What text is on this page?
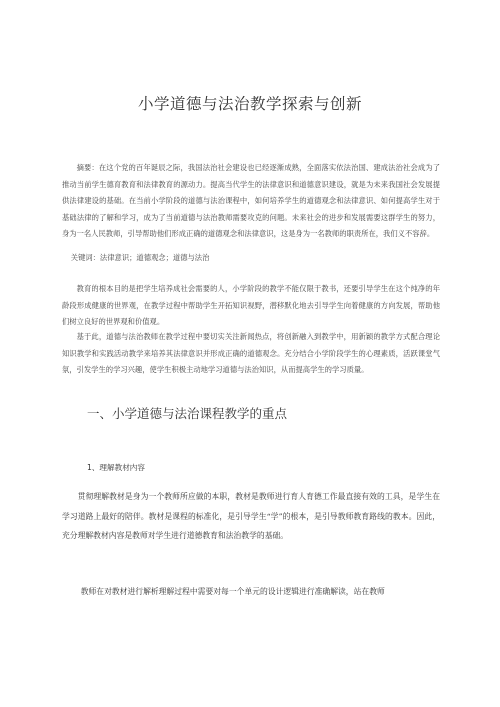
小学道德与法治教学探索与创新
摘要：在这个党的百年诞辰之际，我国法治社会建设也已经逐渐成熟，全面落实依法治国、建成法治社会成为了推动当前学生德育教育和法律教育的源动力。提高当代学生的法律意识和道德意识建设，就是为未来我国社会发展提供法律建设的基础。在当前小学阶段的道德与法治课程中，如何培养学生的道德观念和法律意识、如何提高学生对于基础法律的了解和学习，成为了当前道德与法治教师需要攻克的问题。未来社会的进步和发展需要这群学生的努力，身为一名人民教师，引导帮助他们形成正确的道德观念和法律意识，这是身为一名教师的职责所在，我们义不容辞。
关键词：法律意识；道德观念；道德与法治
教育的根本目的是把学生培养成社会需要的人，小学阶段的教学不能仅限于教书，还要引导学生在这个纯净的年龄段形成健康的世界观，在教学过程中帮助学生开拓知识视野，潜移默化地去引导学生向着健康的方向发展，帮助他们树立良好的世界观和价值观。
基于此，道德与法治教师在教学过程中要切实关注新闻热点，将创新融入到教学中，用新颖的教学方式配合理论知识教学和实践活动教学来培养其法律意识并形成正确的道德观念。充分结合小学阶段学生的心理素质，活跃课堂气氛，引发学生的学习兴趣，使学生积极主动地学习道德与法治知识，从而提高学生的学习质量。
一、小学道德与法治课程教学的重点
1、理解教材内容
贯彻理解教材是身为一个教师所应做的本职，教材是教师进行育人育德工作最直接有效的工具，是学生在学习道路上最好的陪伴。教材是课程的标准化，是引导学生“学”的根本，是引导教师教育路线的教本。因此，充分理解教材内容是教师对学生进行道德教育和法治教学的基础。
教师在对教材进行解析理解过程中需要对每一个单元的设计逻辑进行准确解读，站在教师
